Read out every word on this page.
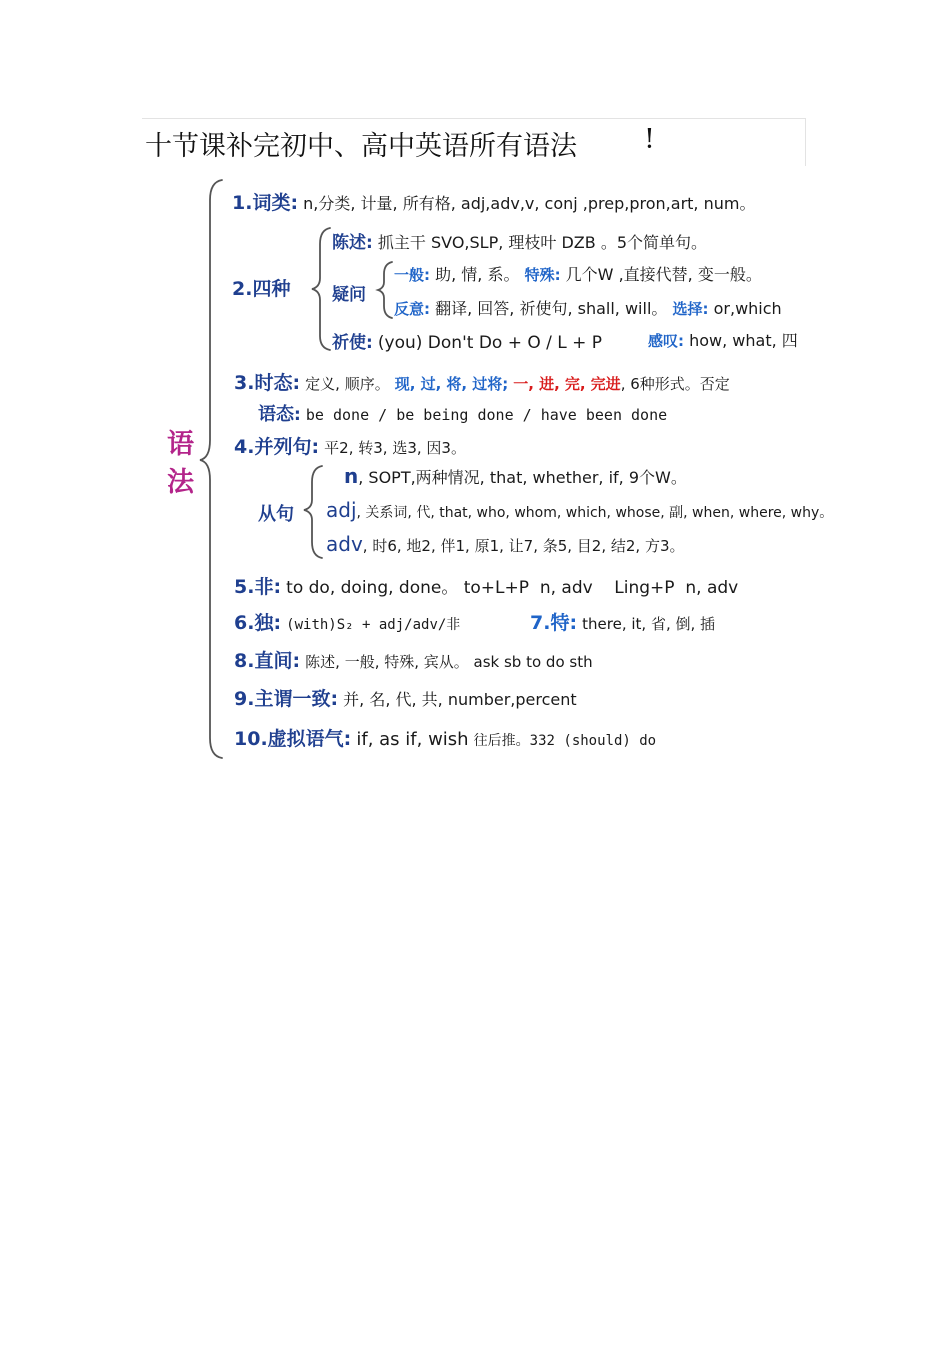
十节课补完初中、高中英语所有语法 !
语
法
1.词类: n,分类, 计量, 所有格, adj,adv,v, conj ,prep,pron,art, num。
2.四种
陈述: 抓主干 SVO,SLP, 理枝叶 DZB 。5个简单句。
疑问
一般: 助, 情, 系。 特殊: 几个W ,直接代替, 变一般。
反意: 翻译, 回答, 祈使句, shall, will。 选择: or,which
祈使: (you) Don't Do + O / L + P	感叹: how, what, 四
3.时态: 定义, 顺序。 现, 过, 将, 过将; 一, 进, 完, 完进, 6种形式。否定
语态: be done / be being done / have been done
4.并列句: 平2, 转3, 选3, 因3。
从句
n, SOPT,两种情况, that, whether, if, 9个W。
adj, 关系词, 代, that, who, whom, which, whose, 副, when, where, why。
adv, 时6, 地2, 伴1, 原1, 让7, 条5, 目2, 结2, 方3。
5.非: to do, doing, done。 to+L+P  n, adv    Ling+P  n, adv
6.独: (with)S₂ + adj/adv/非	7.特: there, it, 省, 倒, 插
8.直间: 陈述, 一般, 特殊, 宾从。 ask sb to do sth
9.主谓一致: 并, 名, 代, 共, number,percent
10.虚拟语气: if, as if, wish 往后推。332 (should) do
